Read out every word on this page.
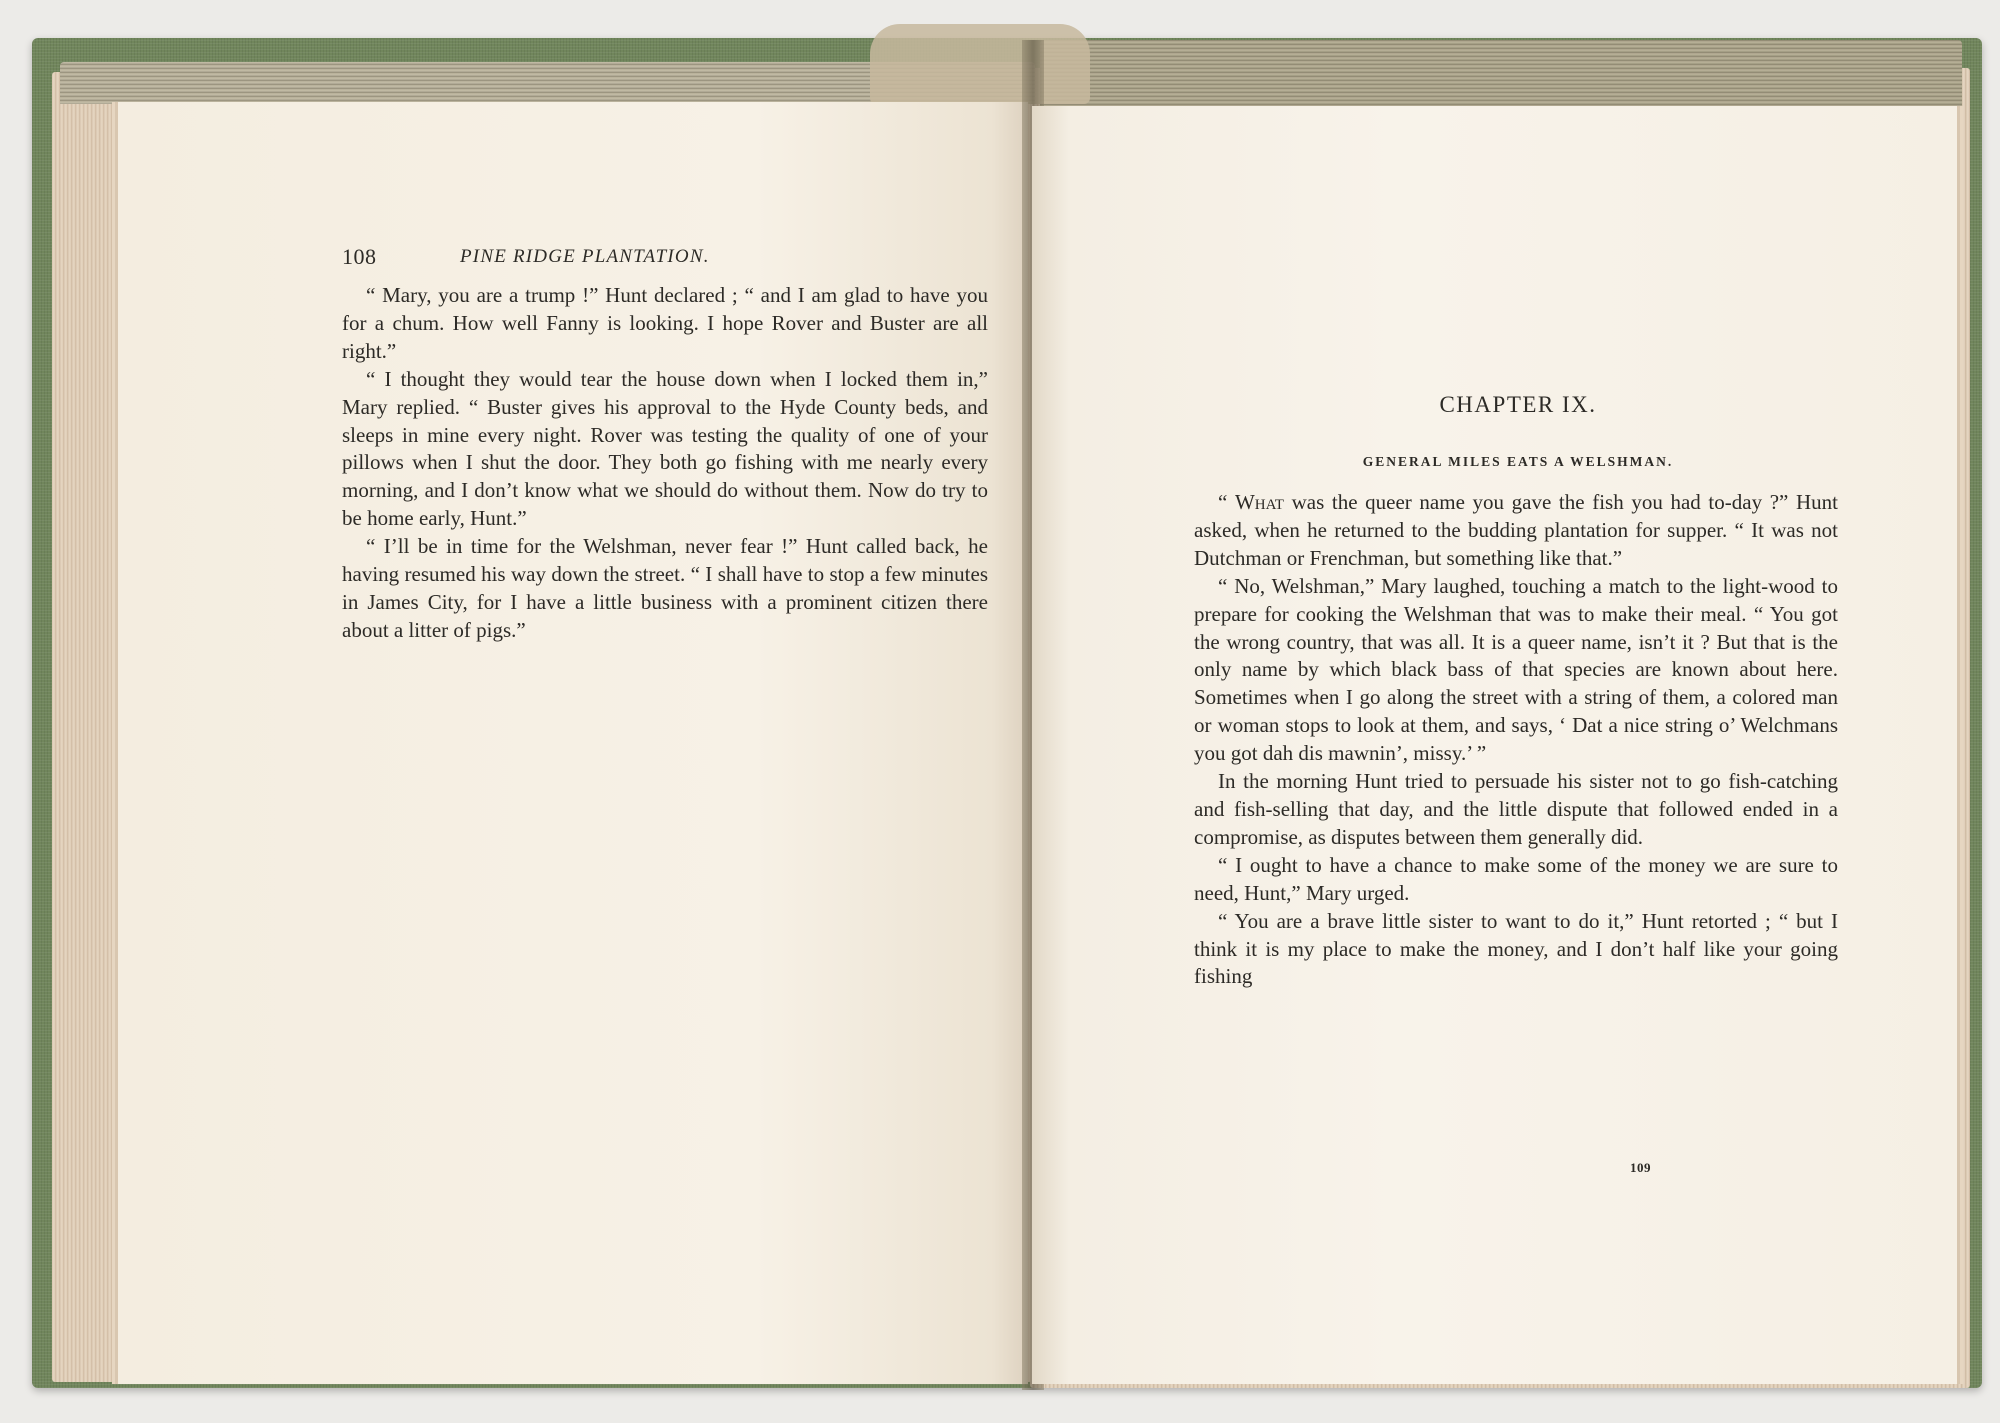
108	PINE RIDGE PLANTATION.

“ Mary, you are a trump !” Hunt declared ; “ and I am glad to have you for a chum. How well Fanny is looking. I hope Rover and Buster are all right.”

“ I thought they would tear the house down when I locked them in,” Mary replied. “ Buster gives his approval to the Hyde County beds, and sleeps in mine every night. Rover was testing the quality of one of your pillows when I shut the door. They both go fishing with me nearly every morning, and I don’t know what we should do without them. Now do try to be home early, Hunt.”

“ I’ll be in time for the Welshman, never fear !” Hunt called back, he having resumed his way down the street. “ I shall have to stop a few minutes in James City, for I have a little business with a prominent citizen there about a litter of pigs.”

CHAPTER IX.
GENERAL MILES EATS A WELSHMAN.

“ What was the queer name you gave the fish you had to-day ?” Hunt asked, when he returned to the budding plantation for supper. “ It was not Dutchman or Frenchman, but something like that.”

“ No, Welshman,” Mary laughed, touching a match to the light-wood to prepare for cooking the Welshman that was to make their meal. “ You got the wrong country, that was all. It is a queer name, isn’t it ? But that is the only name by which black bass of that species are known about here. Sometimes when I go along the street with a string of them, a colored man or woman stops to look at them, and says, ‘ Dat a nice string o’ Welchmans you got dah dis mawnin’, missy.’ ”

In the morning Hunt tried to persuade his sister not to go fish-catching and fish-selling that day, and the little dispute that followed ended in a compromise, as disputes between them generally did.

“ I ought to have a chance to make some of the money we are sure to need, Hunt,” Mary urged.

“ You are a brave little sister to want to do it,” Hunt retorted ; “ but I think it is my place to make the money, and I don’t half like your going fishing

109
